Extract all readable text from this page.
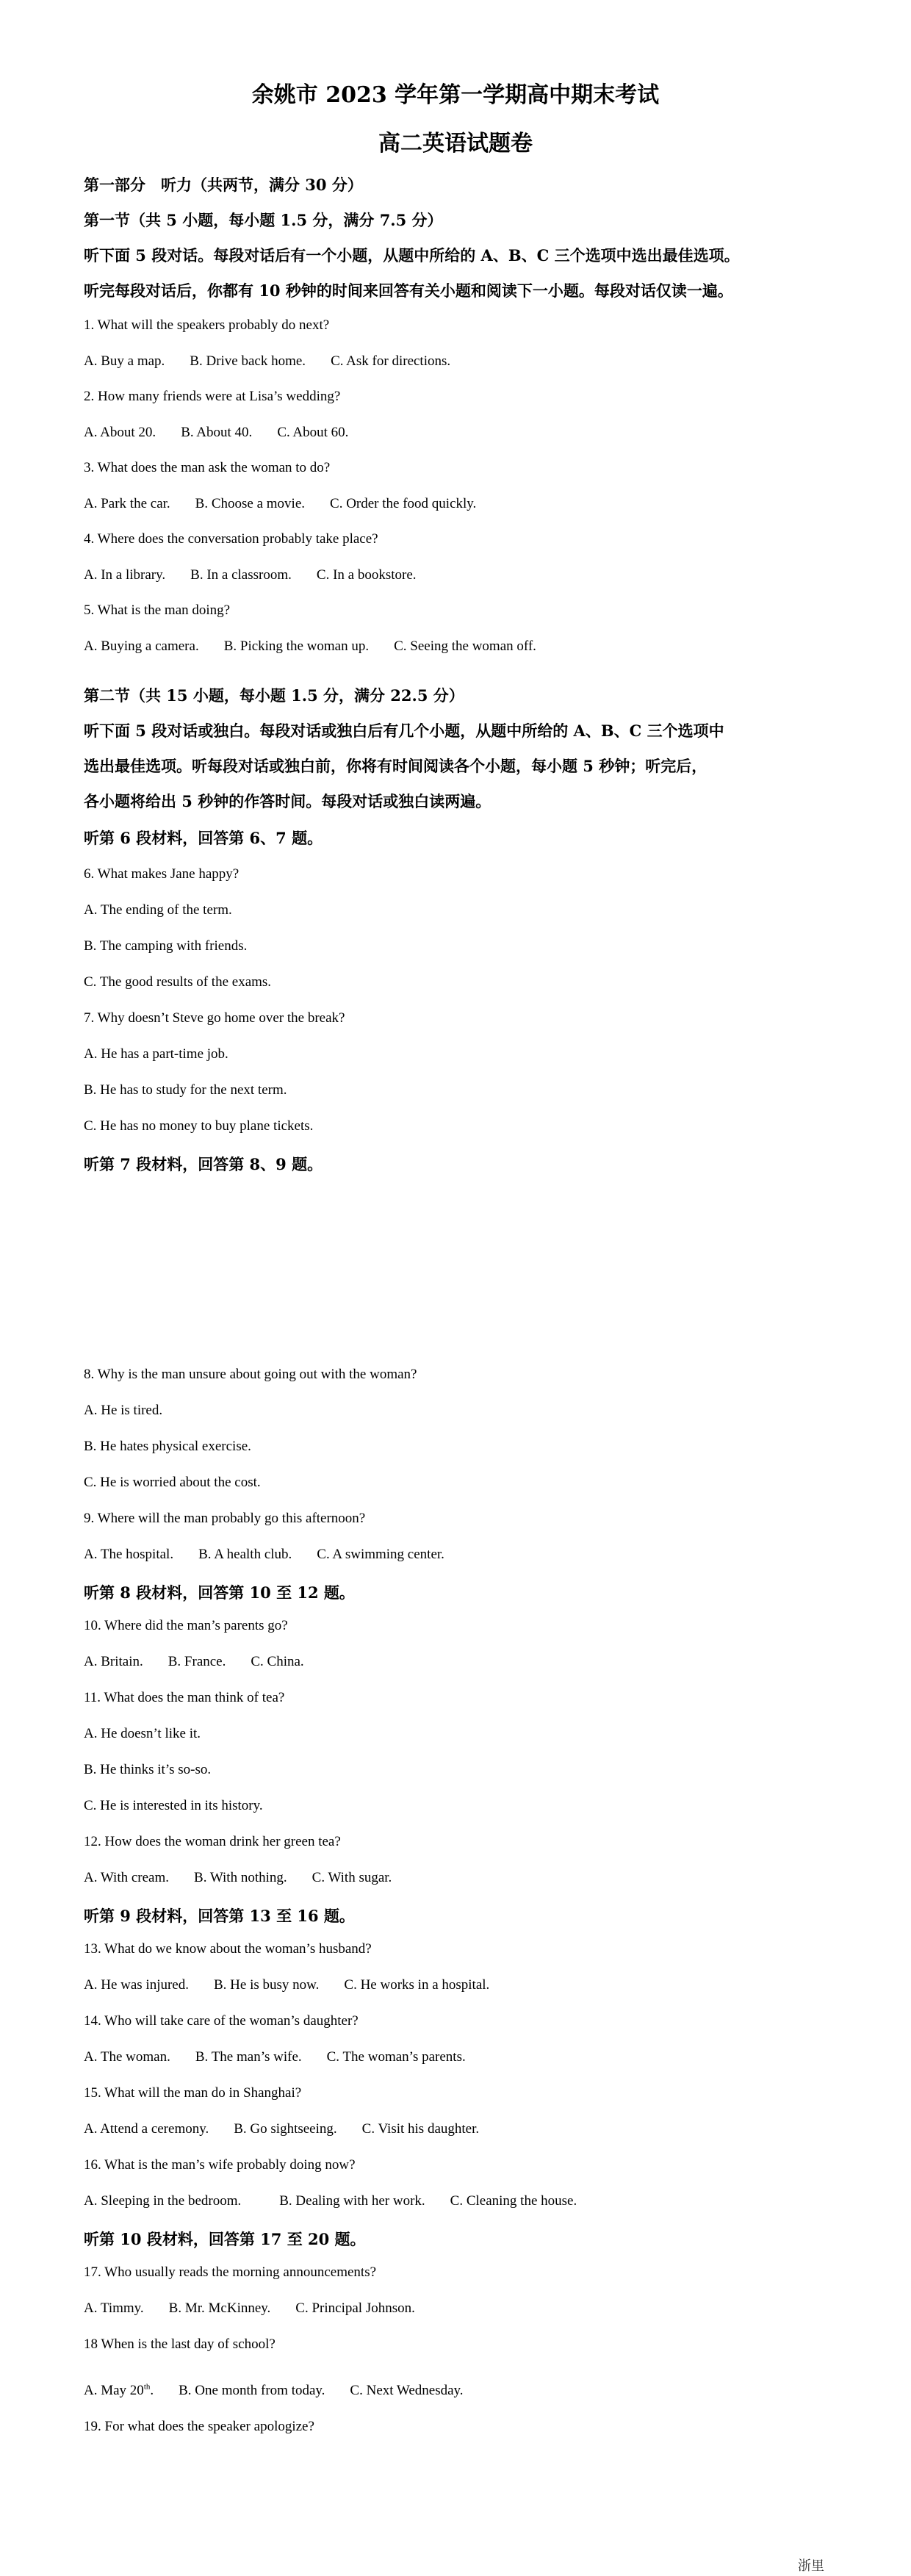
余姚市 2023 学年第一学期高中期末考试
高二英语试题卷
第一部分　听力（共两节，满分 30 分）
第一节（共 5 小题，每小题 1.5 分，满分 7.5 分）
听下面 5 段对话。每段对话后有一个小题，从题中所给的 A、B、C 三个选项中选出最佳选项。
听完每段对话后，你都有 10 秒钟的时间来回答有关小题和阅读下一小题。每段对话仅读一遍。
1. What will the speakers probably do next?
A. Buy a map. B. Drive back home. C. Ask for directions.
2. How many friends were at Lisa’s wedding?
A. About 20. B. About 40. C. About 60.
3. What does the man ask the woman to do?
A. Park the car. B. Choose a movie. C. Order the food quickly.
4. Where does the conversation probably take place?
A. In a library. B. In a classroom. C. In a bookstore.
5. What is the man doing?
A. Buying a camera. B. Picking the woman up. C. Seeing the woman off.
第二节（共 15 小题，每小题 1.5 分，满分 22.5 分）
听下面 5 段对话或独白。每段对话或独白后有几个小题，从题中所给的 A、B、C 三个选项中
选出最佳选项。听每段对话或独白前，你将有时间阅读各个小题，每小题 5 秒钟；听完后，
各小题将给出 5 秒钟的作答时间。每段对话或独白读两遍。
听第 6 段材料，回答第 6、7 题。
6. What makes Jane happy?
A. The ending of the term.
B. The camping with friends.
C. The good results of the exams.
7. Why doesn’t Steve go home over the break?
A. He has a part-time job.
B. He has to study for the next term.
C. He has no money to buy plane tickets.
听第 7 段材料，回答第 8、9 题。
8. Why is the man unsure about going out with the woman?
A. He is tired.
B. He hates physical exercise.
C. He is worried about the cost.
9. Where will the man probably go this afternoon?
A. The hospital. B. A health club. C. A swimming center.
听第 8 段材料，回答第 10 至 12 题。
10. Where did the man’s parents go?
A. Britain. B. France. C. China.
11. What does the man think of tea?
A. He doesn’t like it.
B. He thinks it’s so-so.
C. He is interested in its history.
12. How does the woman drink her green tea?
A. With cream. B. With nothing. C. With sugar.
听第 9 段材料，回答第 13 至 16 题。
13. What do we know about the woman’s husband?
A. He was injured. B. He is busy now. C. He works in a hospital.
14. Who will take care of the woman’s daughter?
A. The woman. B. The man’s wife. C. The woman’s parents.
15. What will the man do in Shanghai?
A. Attend a ceremony. B. Go sightseeing. C. Visit his daughter.
16. What is the man’s wife probably doing now?
A. Sleeping in the bedroom.	B. Dealing with her work. C. Cleaning the house.
听第 10 段材料，回答第 17 至 20 题。
17. Who usually reads the morning announcements?
A. Timmy. B. Mr. McKinney. C. Principal Johnson.
18 When is the last day of school?
A. May 20th. B. One month from today. C. Next Wednesday.
19. For what does the speaker apologize?
浙里
